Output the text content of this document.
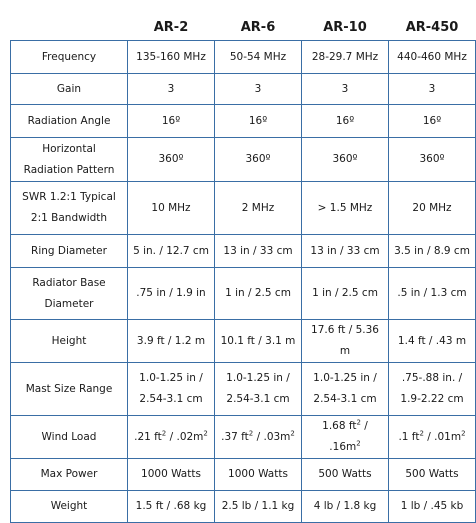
	AR-2	AR-6	AR-10	AR-450
Frequency	135-160 MHz	50-54 MHz	28-29.7 MHz	440-460 MHz
Gain	3	3	3	3
Radiation Angle	16º	16º	16º	16º
Horizontal Radiation Pattern	360º	360º	360º	360º
SWR 1.2:1 Typical 2:1 Bandwidth	10 MHz	2 MHz	> 1.5 MHz	20 MHz
Ring Diameter	5 in. / 12.7 cm	13 in / 33 cm	13 in / 33 cm	3.5 in / 8.9 cm
Radiator Base Diameter	.75 in / 1.9 in	1 in / 2.5 cm	1 in / 2.5 cm	.5 in / 1.3 cm
Height	3.9 ft / 1.2 m	10.1 ft / 3.1 m	17.6 ft / 5.36 m	1.4 ft / .43 m
Mast Size Range	1.0-1.25 in / 2.54-3.1 cm	1.0-1.25 in / 2.54-3.1 cm	1.0-1.25 in / 2.54-3.1 cm	.75-.88 in. / 1.9-2.22 cm
Wind Load	.21 $ft^2 / .02m^2$	.37 $ft^2 / .03m^2$	1.68 $ft^2 / .16m^2$	.1 $ft^2 / .01m^2$
Max Power	1000 Watts	1000 Watts	500 Watts	500 Watts
Weight	1.5 ft / .68 kg	2.5 lb / 1.1 kg	4 lb / 1.8 kg	1 lb / .45 kb
